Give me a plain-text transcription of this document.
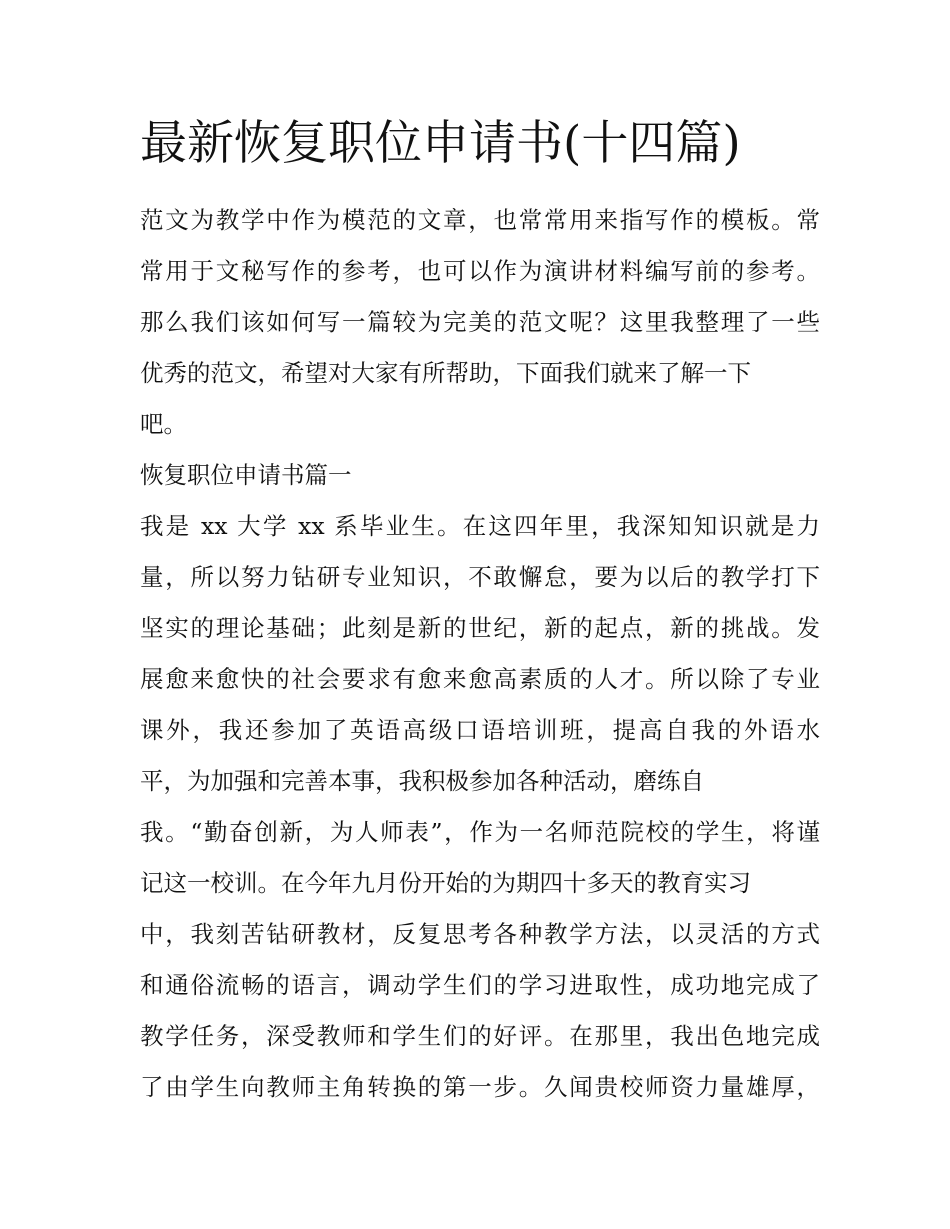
最新恢复职位申请书(十四篇)
范文为教学中作为模范的文章，也常常用来指写作的模板。常
常用于文秘写作的参考，也可以作为演讲材料编写前的参考。
那么我们该如何写一篇较为完美的范文呢？这里我整理了一些
优秀的范文，希望对大家有所帮助，下面我们就来了解一下
吧。
恢复职位申请书篇一
我是 xx 大学 xx 系毕业生。在这四年里，我深知知识就是力
量，所以努力钻研专业知识，不敢懈怠，要为以后的教学打下
坚实的理论基础；此刻是新的世纪，新的起点，新的挑战。发
展愈来愈快的社会要求有愈来愈高素质的人才。所以除了专业
课外，我还参加了英语高级口语培训班，提高自我的外语水
平，为加强和完善本事，我积极参加各种活动，磨练自
我。“勤奋创新，为人师表”，作为一名师范院校的学生，将谨
记这一校训。在今年九月份开始的为期四十多天的教育实习
中，我刻苦钻研教材，反复思考各种教学方法，以灵活的方式
和通俗流畅的语言，调动学生们的学习进取性，成功地完成了
教学任务，深受教师和学生们的好评。在那里，我出色地完成
了由学生向教师主角转换的第一步。久闻贵校师资力量雄厚，
